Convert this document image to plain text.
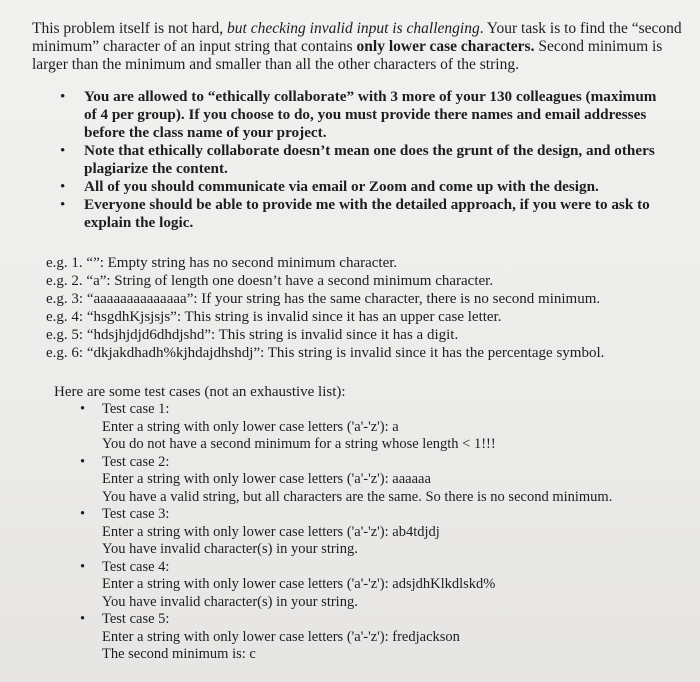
This problem itself is not hard, but checking invalid input is challenging. Your task is to find the “second minimum” character of an input string that contains only lower case characters. Second minimum is larger than the minimum and smaller than all the other characters of the string.

• You are allowed to “ethically collaborate” with 3 more of your 130 colleagues (maximum of 4 per group). If you choose to do, you must provide there names and email addresses before the class name of your project.
• Note that ethically collaborate doesn’t mean one does the grunt of the design, and others plagiarize the content.
• All of you should communicate via email or Zoom and come up with the design.
• Everyone should be able to provide me with the detailed approach, if you were to ask to explain the logic.
e.g. 1. “”: Empty string has no second minimum character.
e.g. 2. “a”: String of length one doesn’t have a second minimum character.
e.g. 3: “aaaaaaaaaaaaaa”: If your string has the same character, there is no second minimum.
e.g. 4: “hsgdhKjsjsjs”: This string is invalid since it has an upper case letter.
e.g. 5: “hdsjhjdjd6dhdjshd”: This string is invalid since it has a digit.
e.g. 6: “dkjakdhadh%kjhdajdhshdj”: This string is invalid since it has the percentage symbol.
Here are some test cases (not an exhaustive list):
• Test case 1:
Enter a string with only lower case letters ('a'-'z'): a
You do not have a second minimum for a string whose length < 1!!!
• Test case 2:
Enter a string with only lower case letters ('a'-'z'): aaaaaa
You have a valid string, but all characters are the same. So there is no second minimum.
• Test case 3:
Enter a string with only lower case letters ('a'-'z'): ab4tdjdj
You have invalid character(s) in your string.
• Test case 4:
Enter a string with only lower case letters ('a'-'z'): adsjdhKlkdlskd%
You have invalid character(s) in your string.
• Test case 5:
Enter a string with only lower case letters ('a'-'z'): fredjackson
The second minimum is: c
